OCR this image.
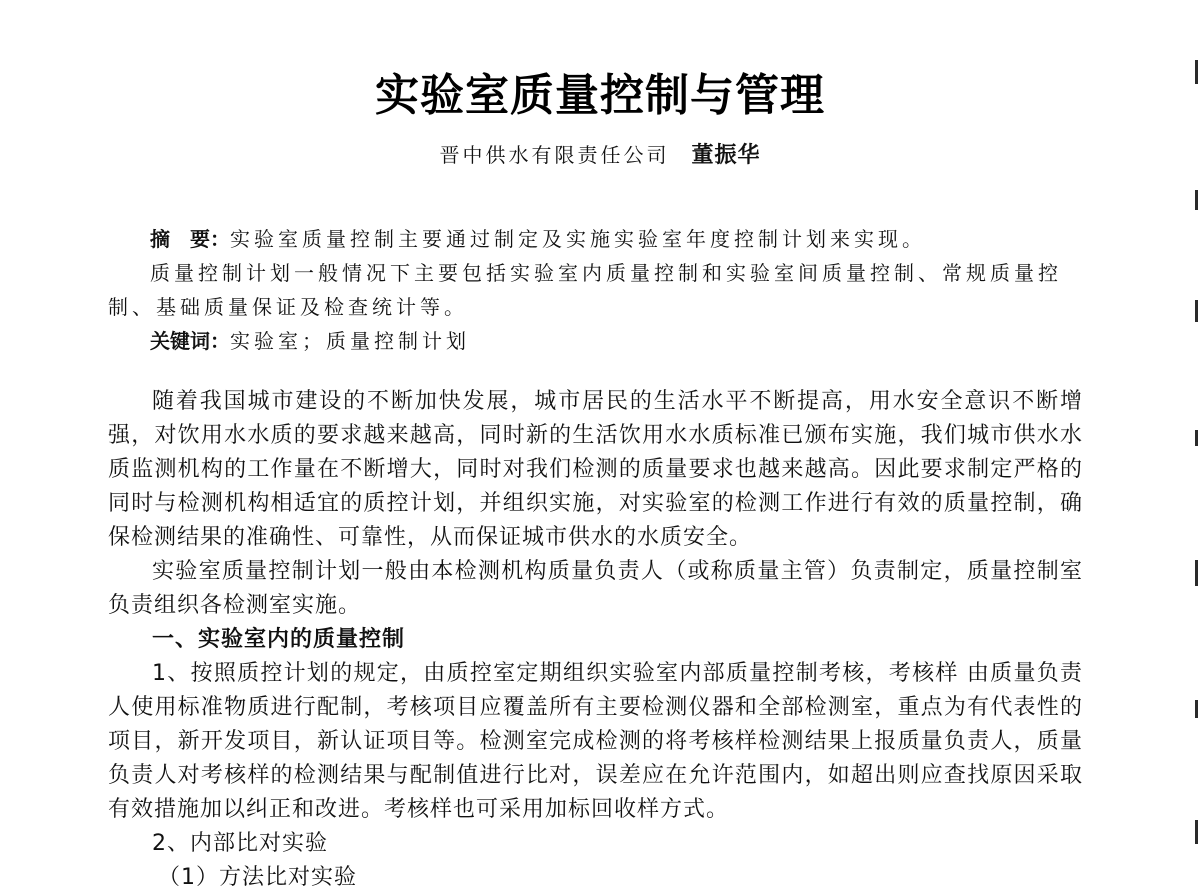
实验室质量控制与管理
晋中供水有限责任公司 董振华

摘　要：实验室质量控制主要通过制定及实施实验室年度控制计划来实现。

质量控制计划一般情况下主要包括实验室内质量控制和实验室间质量控制、常规质量控制、基础质量保证及检查统计等。

关键词：实验室；质量控制计划

随着我国城市建设的不断加快发展，城市居民的生活水平不断提高，用水安全意识不断增强，对饮用水水质的要求越来越高，同时新的生活饮用水水质标准已颁布实施，我们城市供水水质监测机构的工作量在不断增大，同时对我们检测的质量要求也越来越高。因此要求制定严格的同时与检测机构相适宜的质控计划，并组织实施，对实验室的检测工作进行有效的质量控制，确保检测结果的准确性、可靠性，从而保证城市供水的水质安全。

实验室质量控制计划一般由本检测机构质量负责人（或称质量主管）负责制定，质量控制室负责组织各检测室实施。

一、实验室内的质量控制

1、按照质控计划的规定，由质控室定期组织实验室内部质量控制考核，考核样 由质量负责人使用标准物质进行配制，考核项目应覆盖所有主要检测仪器和全部检测室，重点为有代表性的项目，新开发项目，新认证项目等。检测室完成检测的将考核样检测结果上报质量负责人，质量负责人对考核样的检测结果与配制值进行比对，误差应在允许范围内，如超出则应查找原因采取有效措施加以纠正和改进。考核样也可采用加标回收样方式。

2、内部比对实验

（1）方法比对实验
